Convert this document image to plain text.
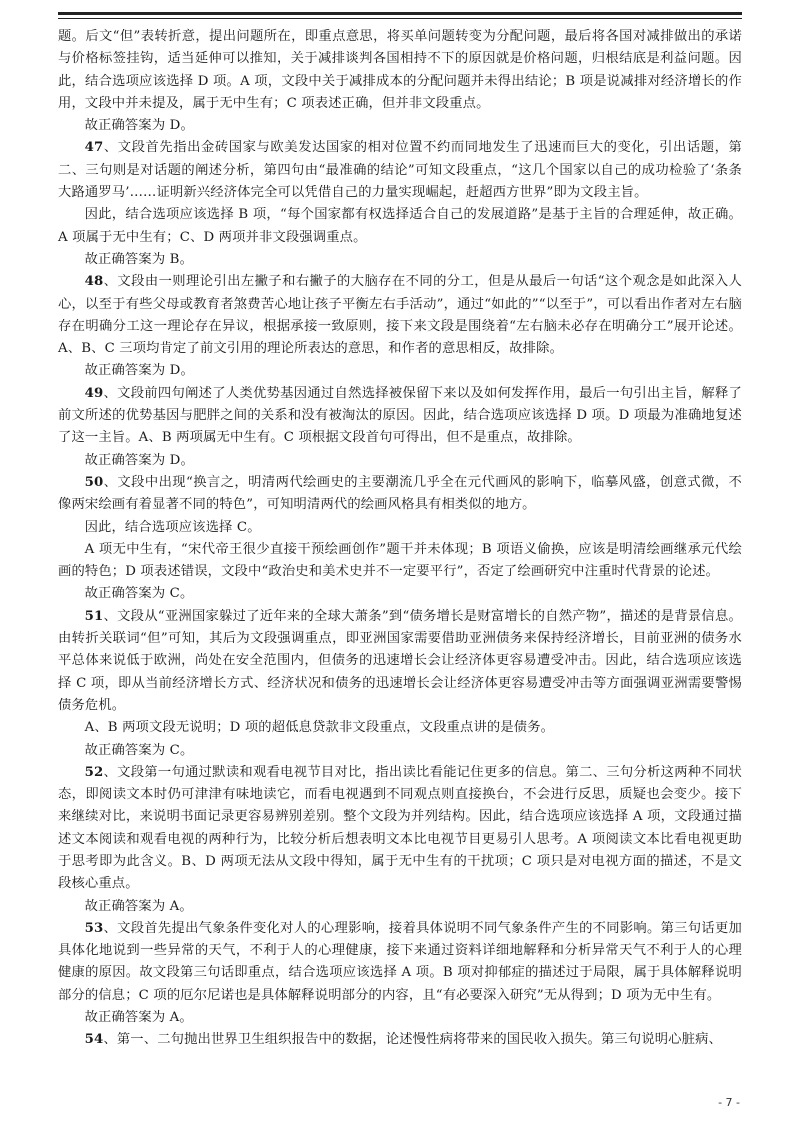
题。后文“但”表转折意，提出问题所在，即重点意思，将买单问题转变为分配问题，最后将各国对减排做出的承诺与价格标签挂钩，适当延伸可以推知，关于减排谈判各国相持不下的原因就是价格问题，归根结底是利益问题。因此，结合选项应该选择 D 项。A 项，文段中关于减排成本的分配问题并未得出结论；B 项是说减排对经济增长的作用，文段中并未提及，属于无中生有；C 项表述正确，但并非文段重点。

故正确答案为 D。

47、文段首先指出金砖国家与欧美发达国家的相对位置不约而同地发生了迅速而巨大的变化，引出话题，第二、三句则是对话题的阐述分析，第四句由“最准确的结论”可知文段重点，“这几个国家以自己的成功检验了‘条条大路通罗马’……证明新兴经济体完全可以凭借自己的力量实现崛起，赶超西方世界”即为文段主旨。

因此，结合选项应该选择 B 项，“每个国家都有权选择适合自己的发展道路”是基于主旨的合理延伸，故正确。A 项属于无中生有；C、D 两项并非文段强调重点。

故正确答案为 B。

48、文段由一则理论引出左撇子和右撇子的大脑存在不同的分工，但是从最后一句话“这个观念是如此深入人心，以至于有些父母或教育者煞费苦心地让孩子平衡左右手活动”，通过“如此的”“以至于”，可以看出作者对左右脑存在明确分工这一理论存在异议，根据承接一致原则，接下来文段是围绕着“左右脑未必存在明确分工”展开论述。A、B、C 三项均肯定了前文引用的理论所表达的意思，和作者的意思相反，故排除。

故正确答案为 D。

49、文段前四句阐述了人类优势基因通过自然选择被保留下来以及如何发挥作用，最后一句引出主旨，解释了前文所述的优势基因与肥胖之间的关系和没有被淘汰的原因。因此，结合选项应该选择 D 项。D 项最为准确地复述了这一主旨。A、B 两项属无中生有。C 项根据文段首句可得出，但不是重点，故排除。

故正确答案为 D。

50、文段中出现“换言之，明清两代绘画史的主要潮流几乎全在元代画风的影响下，临摹风盛，创意式微，不像两宋绘画有着显著不同的特色”，可知明清两代的绘画风格具有相类似的地方。

因此，结合选项应该选择 C。

A 项无中生有，“宋代帝王很少直接干预绘画创作”题干并未体现；B 项语义偷换，应该是明清绘画继承元代绘画的特色；D 项表述错误，文段中“政治史和美术史并不一定要平行”，否定了绘画研究中注重时代背景的论述。

故正确答案为 C。

51、文段从“亚洲国家躲过了近年来的全球大萧条”到“债务增长是财富增长的自然产物”，描述的是背景信息。由转折关联词“但”可知，其后为文段强调重点，即亚洲国家需要借助亚洲债务来保持经济增长，目前亚洲的债务水平总体来说低于欧洲，尚处在安全范围内，但债务的迅速增长会让经济体更容易遭受冲击。因此，结合选项应该选择 C 项，即从当前经济增长方式、经济状况和债务的迅速增长会让经济体更容易遭受冲击等方面强调亚洲需要警惕债务危机。

A、B 两项文段无说明；D 项的超低息贷款非文段重点，文段重点讲的是债务。

故正确答案为 C。

52、文段第一句通过默读和观看电视节目对比，指出读比看能记住更多的信息。第二、三句分析这两种不同状态，即阅读文本时仍可津津有味地读它，而看电视遇到不同观点则直接换台，不会进行反思，质疑也会变少。接下来继续对比，来说明书面记录更容易辨别差别。整个文段为并列结构。因此，结合选项应该选择 A 项，文段通过描述文本阅读和观看电视的两种行为，比较分析后想表明文本比电视节目更易引人思考。A 项阅读文本比看电视更助于思考即为此含义。B、D 两项无法从文段中得知，属于无中生有的干扰项；C 项只是对电视方面的描述，不是文段核心重点。

故正确答案为 A。

53、文段首先提出气象条件变化对人的心理影响，接着具体说明不同气象条件产生的不同影响。第三句话更加具体化地说到一些异常的天气，不利于人的心理健康，接下来通过资料详细地解释和分析异常天气不利于人的心理健康的原因。故文段第三句话即重点，结合选项应该选择 A 项。B 项对抑郁症的描述过于局限，属于具体解释说明部分的信息；C 项的厄尔尼诺也是具体解释说明部分的内容，且“有必要深入研究”无从得到；D 项为无中生有。

故正确答案为 A。

54、第一、二句抛出世界卫生组织报告中的数据，论述慢性病将带来的国民收入损失。第三句说明心脏病、

- 7 -
